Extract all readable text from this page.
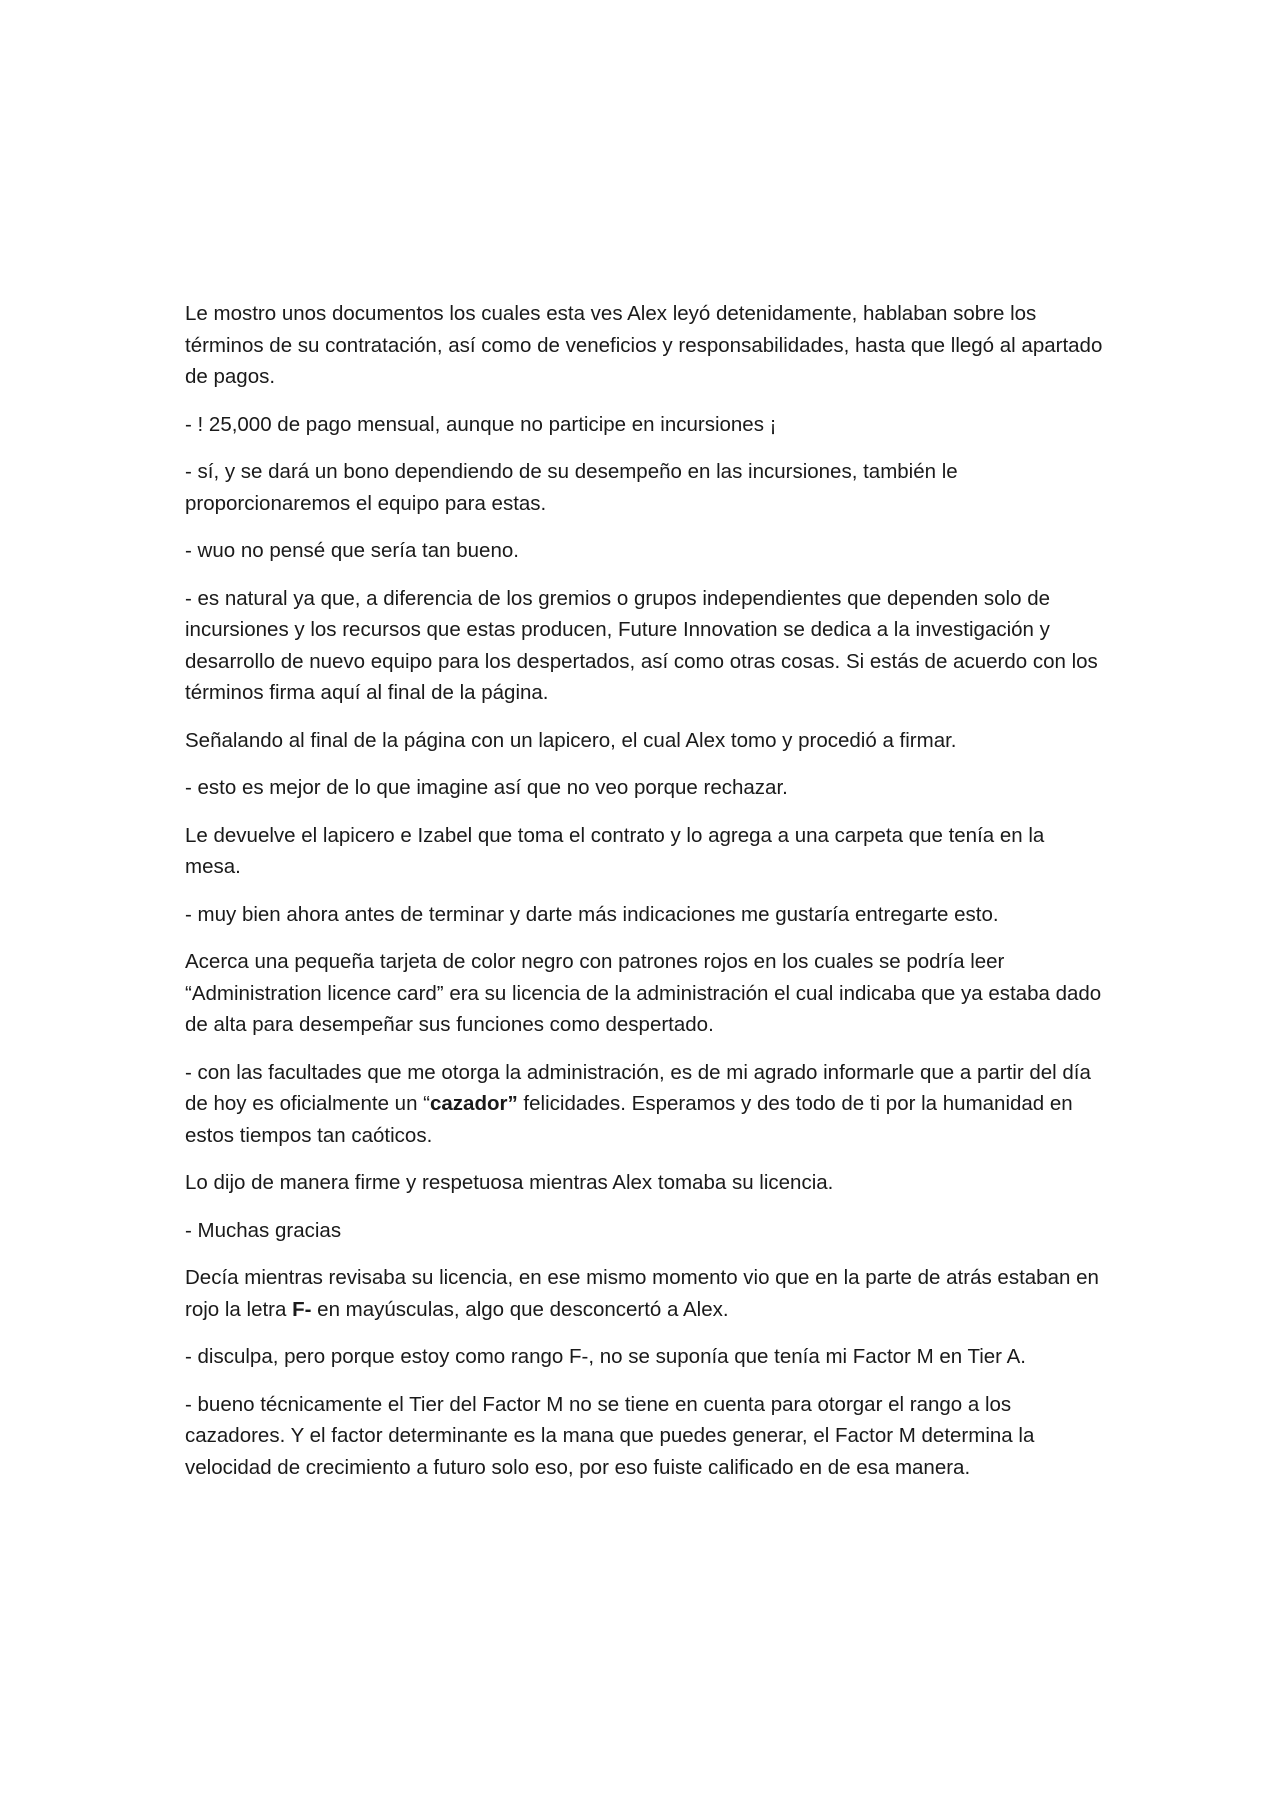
Le mostro unos documentos los cuales esta ves Alex leyó detenidamente, hablaban sobre los términos de su contratación, así como de veneficios y responsabilidades, hasta que llegó al apartado de pagos.

- ! 25,000 de pago mensual, aunque no participe en incursiones ¡

- sí, y se dará un bono dependiendo de su desempeño en las incursiones, también le proporcionaremos el equipo para estas.

- wuo no pensé que sería tan bueno.

- es natural ya que, a diferencia de los gremios o grupos independientes que dependen solo de incursiones y los recursos que estas producen, Future Innovation se dedica a la investigación y desarrollo de nuevo equipo para los despertados, así como otras cosas. Si estás de acuerdo con los términos firma aquí al final de la página.

Señalando al final de la página con un lapicero, el cual Alex tomo y procedió a firmar.

- esto es mejor de lo que imagine así que no veo porque rechazar.

Le devuelve el lapicero e Izabel que toma el contrato y lo agrega a una carpeta que tenía en la mesa.

- muy bien ahora antes de terminar y darte más indicaciones me gustaría entregarte esto.

Acerca una pequeña tarjeta de color negro con patrones rojos en los cuales se podría leer “Administration licence card” era su licencia de la administración el cual indicaba que ya estaba dado de alta para desempeñar sus funciones como despertado.

- con las facultades que me otorga la administración, es de mi agrado informarle que a partir del día de hoy es oficialmente un “cazador” felicidades. Esperamos y des todo de ti por la humanidad en estos tiempos tan caóticos.

Lo dijo de manera firme y respetuosa mientras Alex tomaba su licencia.

- Muchas gracias

Decía mientras revisaba su licencia, en ese mismo momento vio que en la parte de atrás estaban en rojo la letra F- en mayúsculas, algo que desconcertó a Alex.

- disculpa, pero porque estoy como rango F-, no se suponía que tenía mi Factor M en Tier A.

- bueno técnicamente el Tier del Factor M no se tiene en cuenta para otorgar el rango a los cazadores. Y el factor determinante es la mana que puedes generar, el Factor M determina la velocidad de crecimiento a futuro solo eso, por eso fuiste calificado en de esa manera.
